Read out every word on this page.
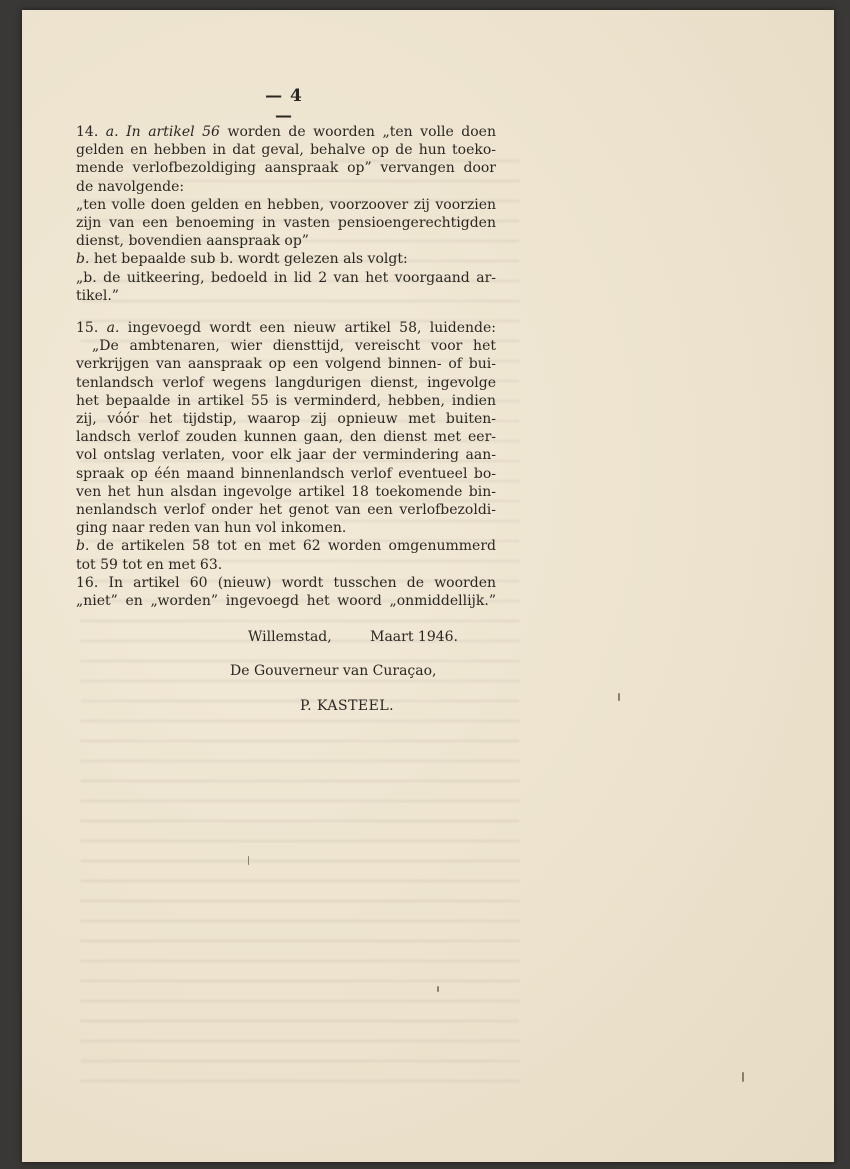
— 4 —
14. a. In artikel 56 worden de woorden „ten volle doen
gelden en hebben in dat geval, behalve op de hun toeko-
mende verlofbezoldiging aanspraak op” vervangen door
de navolgende:
„ten volle doen gelden en hebben, voorzoover zij voorzien
zijn van een benoeming in vasten pensioengerechtigden
dienst, bovendien aanspraak op”
b. het bepaalde sub b. wordt gelezen als volgt:
„b. de uitkeering, bedoeld in lid 2 van het voorgaand ar-
tikel.”
15. a. ingevoegd wordt een nieuw artikel 58, luidende:
„De ambtenaren, wier diensttijd, vereischt voor het
verkrijgen van aanspraak op een volgend binnen- of bui-
tenlandsch verlof wegens langdurigen dienst, ingevolge
het bepaalde in artikel 55 is verminderd, hebben, indien
zij, vóór het tijdstip, waarop zij opnieuw met buiten-
landsch verlof zouden kunnen gaan, den dienst met eer-
vol ontslag verlaten, voor elk jaar der vermindering aan-
spraak op één maand binnenlandsch verlof eventueel bo-
ven het hun alsdan ingevolge artikel 18 toekomende bin-
nenlandsch verlof onder het genot van een verlofbezoldi-
ging naar reden van hun vol inkomen.
b. de artikelen 58 tot en met 62 worden omgenummerd
tot 59 tot en met 63.
16. In artikel 60 (nieuw) wordt tusschen de woorden
„niet” en „worden” ingevoegd het woord „onmiddellijk.”
Willemstad,	Maart 1946.
De Gouverneur van Curaçao,
P. KASTEEL.
